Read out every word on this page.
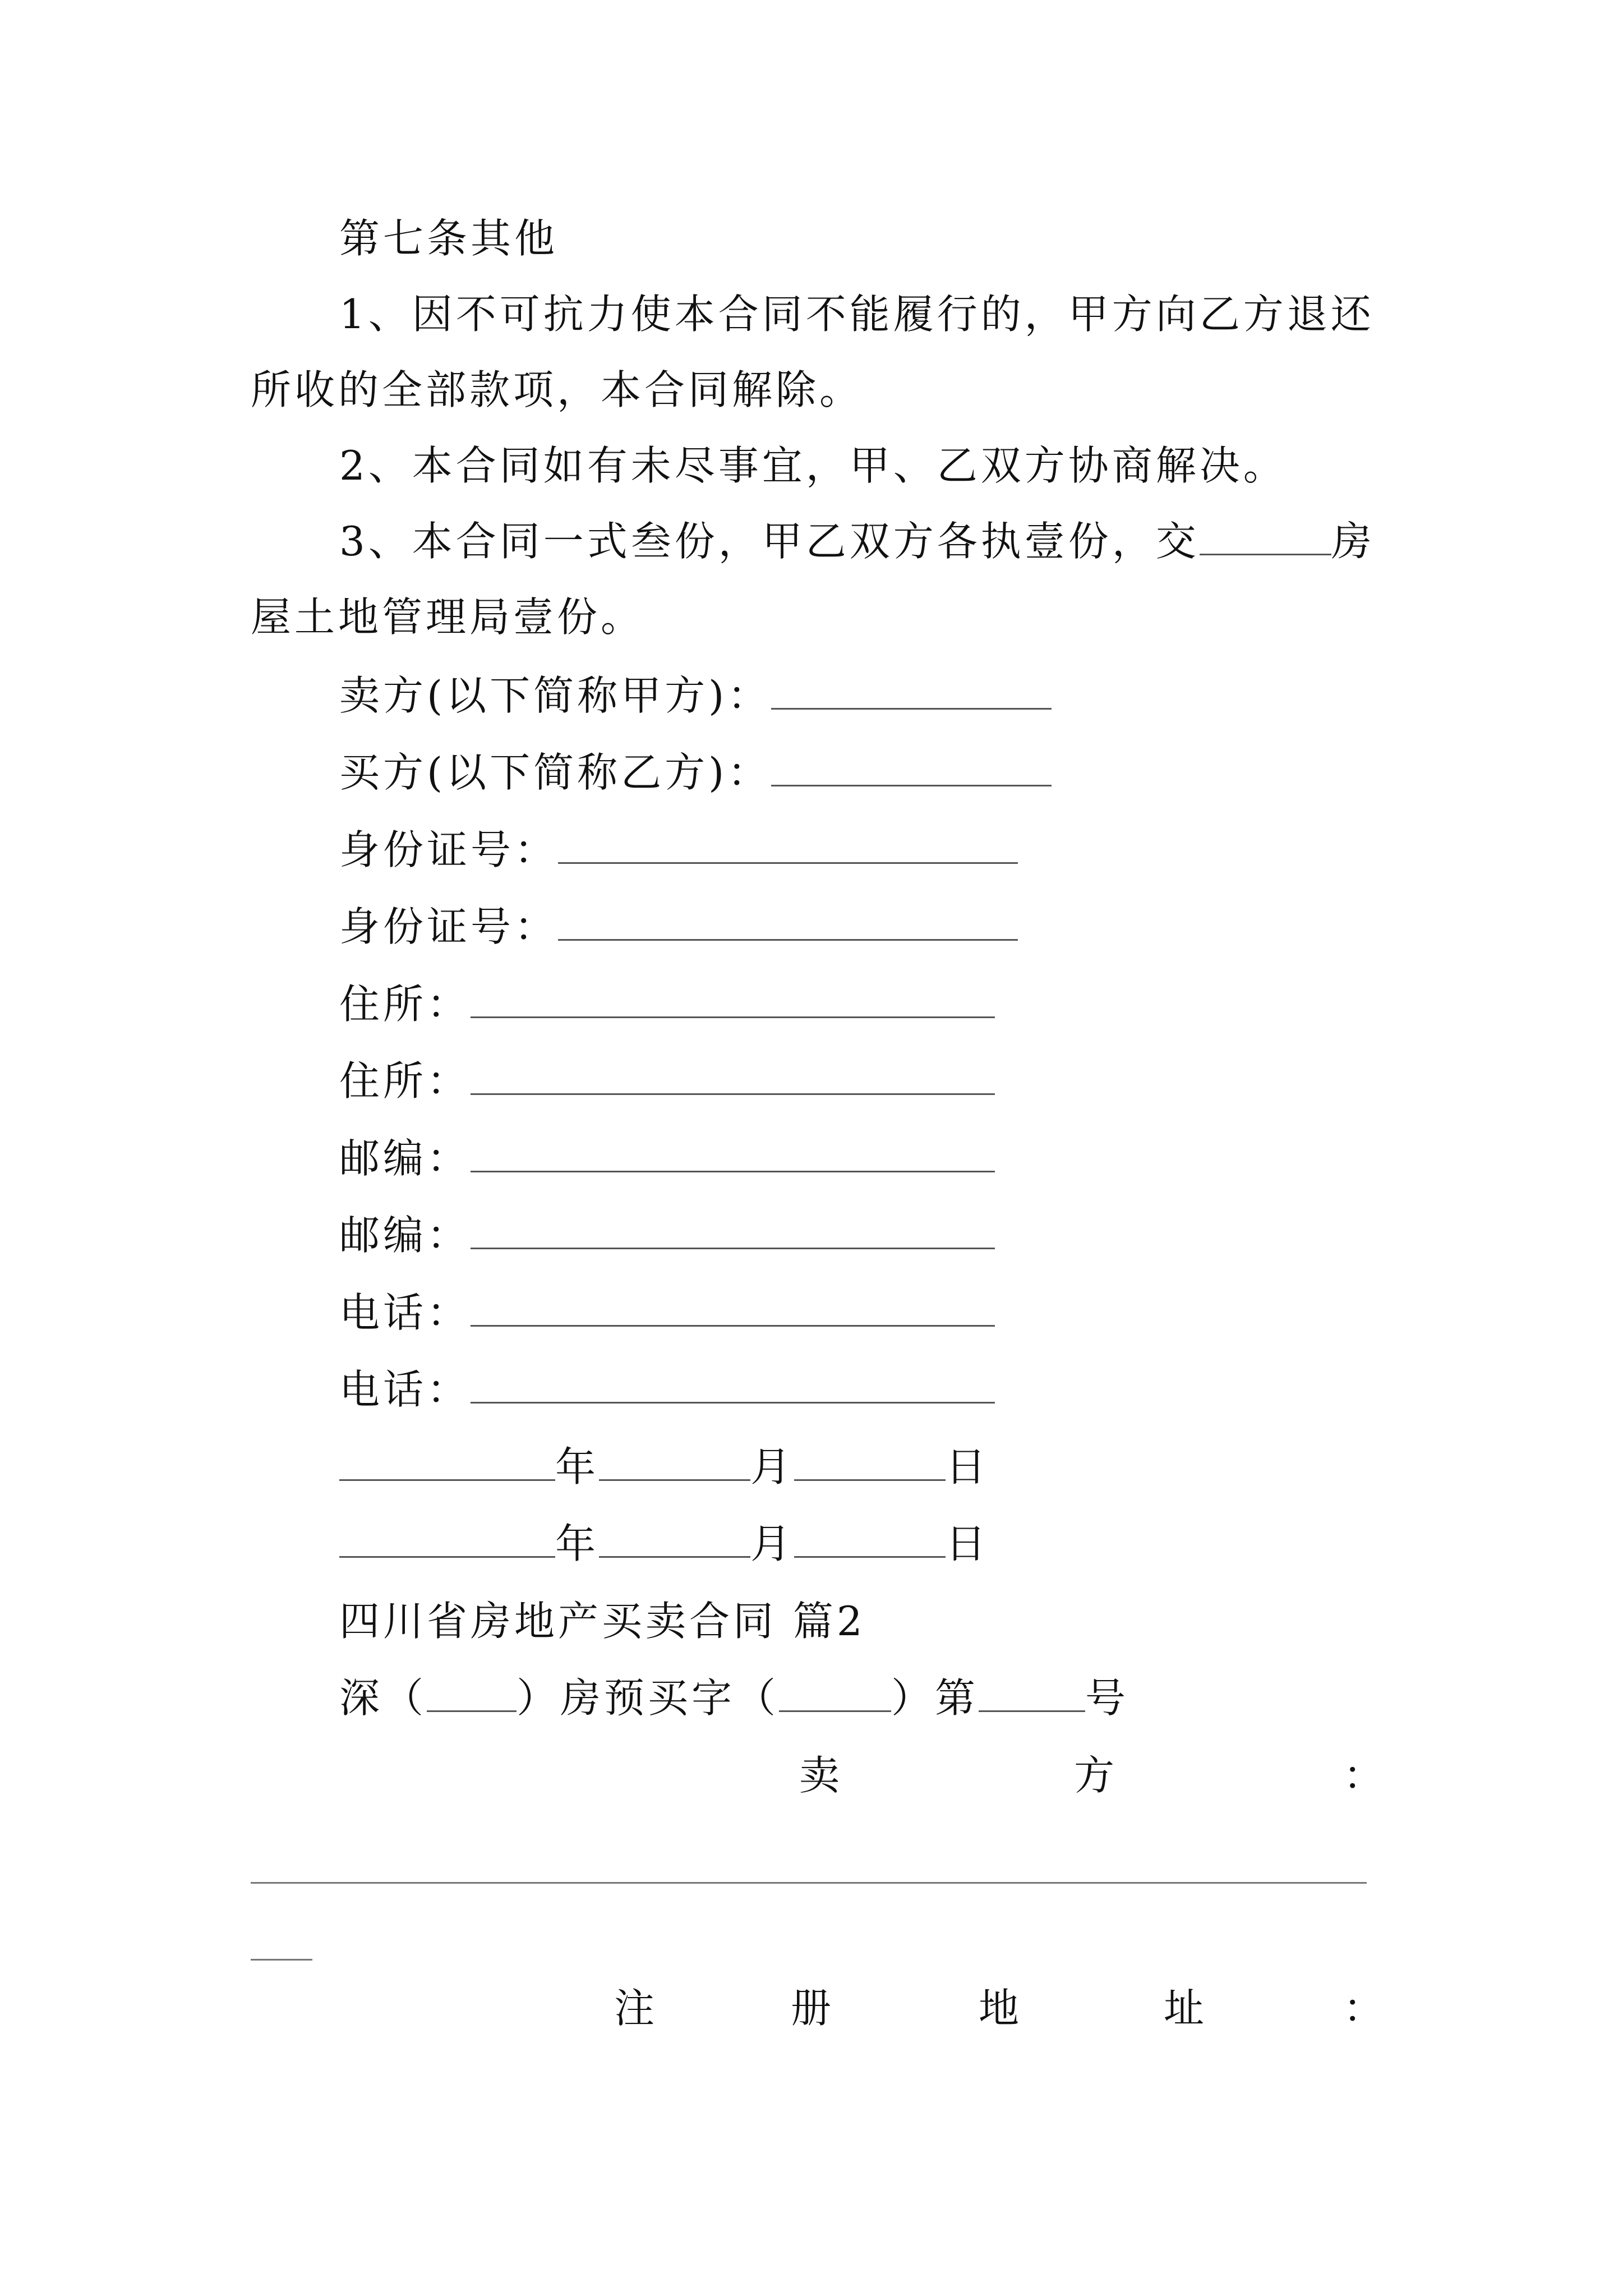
第七条其他
1、因不可抗力使本合同不能履行的，甲方向乙方退还
所收的全部款项，本合同解除。
2、本合同如有未尽事宜，甲、乙双方协商解决。
3、本合同一式叁份，甲乙双方各执壹份，交	房
屋土地管理局壹份。
卖方(以下简称甲方)：
买方(以下简称乙方)：
身份证号：
身份证号：
住所：
住所：
邮编：
邮编：
电话：
电话：
年	月	日
年	月	日
四川省房地产买卖合同 篇2
深（ ）房预买字（	）第	号
卖	方	：
注	册	地	址	：
